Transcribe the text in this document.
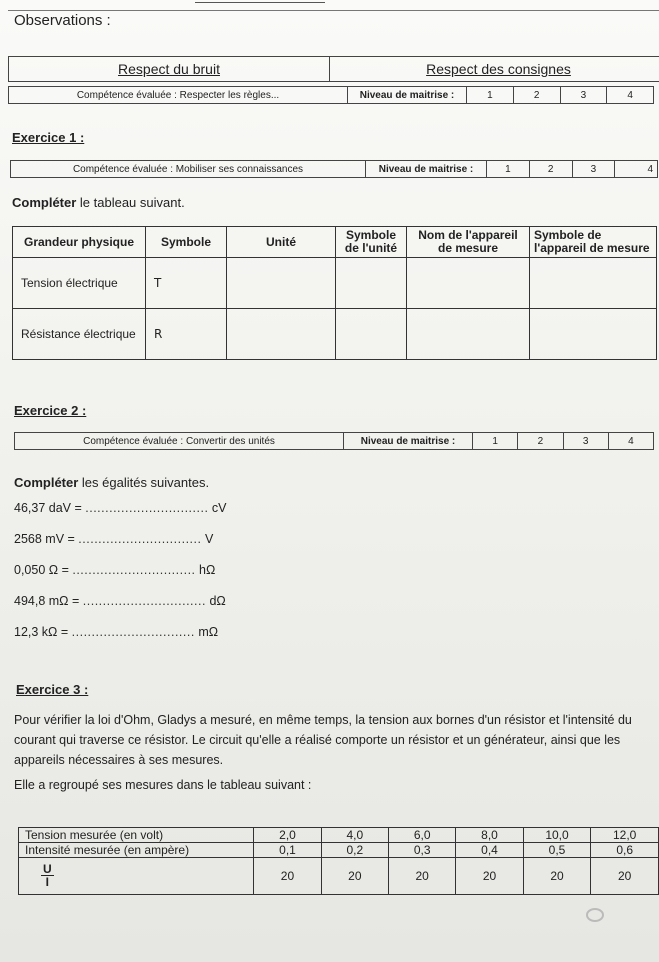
Observations :
Respect du bruit	Respect des consignes
Compétence évaluée : Respecter les règles...	Niveau de maitrise :	1	2	3	4
Exercice 1 :
Compétence évaluée : Mobiliser ses connaissances	Niveau de maitrise :	1	2	3	4
Compléter le tableau suivant.
Grandeur physique	Symbole	Unité	Symbole de l'unité	Nom de l'appareil de mesure	Symbole de l'appareil de mesure
Tension électrique	T				
Résistance électrique	R				
Exercice 2 :
Compétence évaluée : Convertir des unités	Niveau de maitrise :	1	2	3	4
Compléter les égalités suivantes.
46,37 daV = ............................... cV
2568 mV = ............................... V
0,050 Ω = ............................... hΩ
494,8 mΩ = ............................... dΩ
12,3 kΩ = ............................... mΩ
Exercice 3 :
Pour vérifier la loi d'Ohm, Gladys a mesuré, en même temps, la tension aux bornes d'un résistor et l'intensité du courant qui traverse ce résistor. Le circuit qu'elle a réalisé comporte un résistor et un générateur, ainsi que les appareils nécessaires à ses mesures.
Elle a regroupé ses mesures dans le tableau suivant :
Tension mesurée (en volt)	2,0	4,0	6,0	8,0	10,0	12,0
Intensité mesurée (en ampère)	0,1	0,2	0,3	0,4	0,5	0,6

$\frac{U}{I}$	20	20	20	20	20	20
